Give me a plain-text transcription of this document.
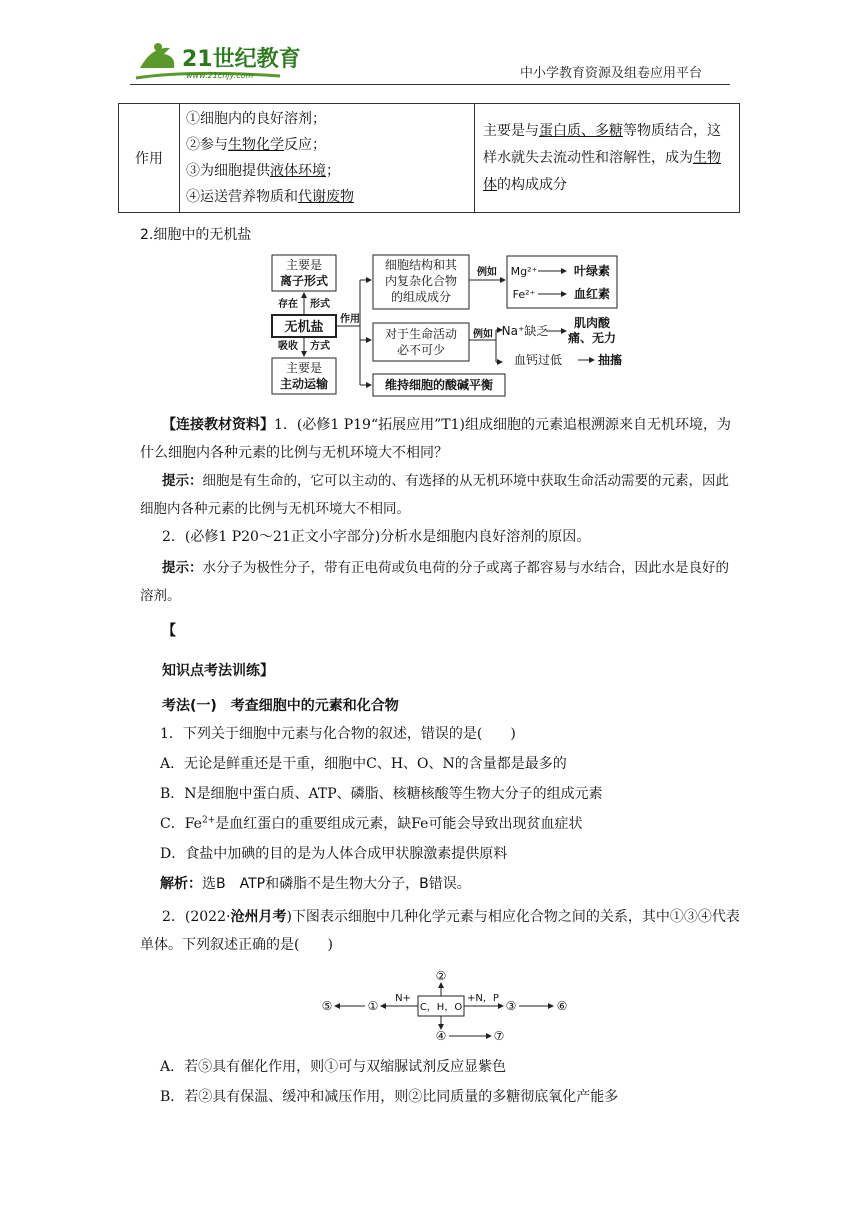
21世纪教育
www.21cnjy.com	中小学教育资源及组卷应用平台
作用	
①细胞内的良好溶剂；
②参与生物化学反应；
③为细胞提供液体环境；
④运送营养物质和代谢废物
	主要是与蛋白质、多糖等物质结合，这样水就失去流动性和溶解性，成为生物体的构成成分
2.细胞中的无机盐
主要是
离子形式
存在 形式
无机盐
作用
吸收 方式
主要是
主动运输
细胞结构和其
内复杂化合物
的组成成分
例如 Mg²⁺	叶绿素
Fe²⁺	血红素
对于生命活动
必不可少
例如 Na⁺缺乏
肌肉酸
痛、无力
血钙过低	抽搐
维持细胞的酸碱平衡
【连接教材资料】1．(必修1 P19“拓展应用”T1)组成细胞的元素追根溯源来自无机环境，为什么细胞内各种元素的比例与无机环境大不相同？
提示：细胞是有生命的，它可以主动的、有选择的从无机环境中获取生命活动需要的元素，因此细胞内各种元素的比例与无机环境大不相同。
2．(必修1 P20～21正文小字部分)分析水是细胞内良好溶剂的原因。
提示：水分子为极性分子，带有正电荷或负电荷的分子或离子都容易与水结合，因此水是良好的溶剂。
【
知识点考法训练】
考法(一)　考查细胞中的元素和化合物
1．下列关于细胞中元素与化合物的叙述，错误的是(　　)
A．无论是鲜重还是干重，细胞中C、H、O、N的含量都是最多的
B．N是细胞中蛋白质、ATP、磷脂、核糖核酸等生物大分子的组成元素
C．$Fe^{2+}$是血红蛋白的重要组成元素，缺Fe可能会导致出现贫血症状
D．食盐中加碘的目的是为人体合成甲状腺激素提供原料
解析：选B　ATP和磷脂不是生物大分子，B错误。
2．(2022·沧州月考)下图表示细胞中几种化学元素与相应化合物之间的关系，其中①③④代表单体。下列叙述正确的是(　　)
C，H，O
N+	+N，P
②
①
⑤	③	⑥
④	⑦
A．若⑤具有催化作用，则①可与双缩脲试剂反应显紫色
B．若②具有保温、缓冲和减压作用，则②比同质量的多糖彻底氧化产能多
